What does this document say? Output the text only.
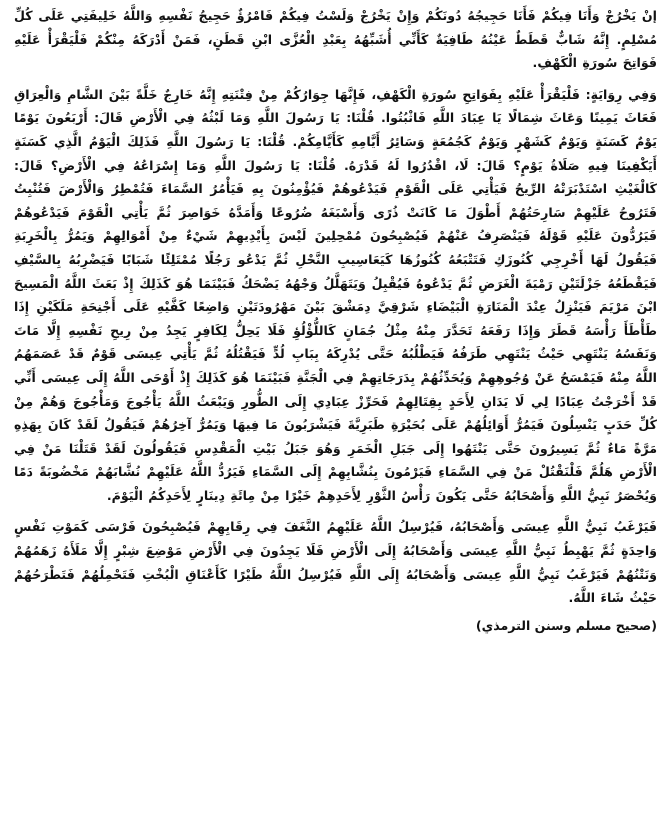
إنْ يَخْرُجْ وَأَنَا فِيكُمْ فَأَنَا حَجِيجُهُ دُونَكُمْ وَإِنْ يَخْرُجْ وَلَسْتُ فِيكُمْ فَامْرُؤٌ حَجِيجُ نَفْسِهِ وَاللَّهُ خَلِيفَتِي عَلَى كُلِّ مُسْلِمٍ. إِنَّهُ شَابٌّ قَطَطٌ عَيْنُهُ طَافِيَةٌ كَأَنِّي أُشَبِّهُهُ بِعَبْدِ الْعُزَّى ابْنِ قَطَنٍ، فَمَنْ أَدْرَكَهُ مِنْكُمْ فَلْيَقْرَأْ عَلَيْهِ فَوَاتِحَ سُورَةِ الْكَهْفِ.

وَفِي رِوَايَةٍ: فَلْيَقْرَأْ عَلَيْهِ بِفَوَاتِحِ سُورَةِ الْكَهْفِ، فَإِنَّهَا جِوَارُكُمْ مِنْ فِتْنَتِهِ إِنَّهُ خَارِجٌ خَلَّةً بَيْنَ الشَّامِ وَالْعِرَاقِ فَعَاثَ يَمِينًا وَعَاثَ شِمَالًا يَا عِبَادَ اللَّهِ فَاثْبُتُوا. قُلْنَا: يَا رَسُولَ اللَّهِ وَمَا لَبْثُهُ فِي الْأَرْضِ قَالَ: أَرْبَعُونَ يَوْمًا يَوْمٌ كَسَنَةٍ وَيَوْمٌ كَشَهْرٍ وَيَوْمٌ كَجُمُعَةٍ وَسَائِرُ أَيَّامِهِ كَأَيَّامِكُمْ. قُلْنَا: يَا رَسُولَ اللَّهِ فَذَلِكَ الْيَوْمُ الَّذِي كَسَنَةٍ أَيَكْفِينَا فِيهِ صَلَاةُ يَوْمٍ؟ قَالَ: لَا، اقْدُرُوا لَهُ قَدْرَهُ. قُلْنَا: يَا رَسُولَ اللَّهِ وَمَا إِسْرَاعُهُ فِي الْأَرْضِ؟ قَالَ: كَالْغَيْثِ اسْتَدْبَرَتْهُ الرِّيحُ فَيَأْتِي عَلَى الْقَوْمِ فَيَدْعُوهُمْ فَيُؤْمِنُونَ بِهِ فَيَأْمُرُ السَّمَاءَ فَتُمْطِرُ وَالْأَرْضَ فَتُنْبِتُ فَتَرُوحُ عَلَيْهِمْ سَارِحَتُهُمْ أَطْوَلَ مَا كَانَتْ ذُرًى وَأَسْبَغَهُ ضُرُوعًا وَأَمَدَّهُ خَوَاصِرَ ثُمَّ يَأْتِي الْقَوْمَ فَيَدْعُوهُمْ فَيَرُدُّونَ عَلَيْهِ قَوْلَهُ فَيَنْصَرِفُ عَنْهُمْ فَيُصْبِحُونَ مُمْحِلِينَ لَيْسَ بِأَيْدِيهِمْ شَيْءٌ مِنْ أَمْوَالِهِمْ وَيَمُرُّ بِالْخَرِبَةِ فَيَقُولُ لَهَا أَخْرِجِي كُنُوزَكِ فَتَتْبَعُهُ كُنُوزُهَا كَيَعَاسِيبِ النَّحْلِ ثُمَّ يَدْعُو رَجُلًا مُمْتَلِئًا شَبَابًا فَيَضْرِبُهُ بِالسَّيْفِ فَيَقْطَعُهُ جَزْلَتَيْنِ رَمْيَةَ الْغَرَضِ ثُمَّ يَدْعُوهُ فَيُقْبِلُ وَيَتَهَلَّلُ وَجْهُهُ يَضْحَكُ فَبَيْنَمَا هُوَ كَذَلِكَ إِذْ بَعَثَ اللَّهُ الْمَسِيحَ ابْنَ مَرْيَمَ فَيَنْزِلُ عِنْدَ الْمَنَارَةِ الْبَيْضَاءِ شَرْقِيَّ دِمَشْقَ بَيْنَ مَهْرُودَتَيْنِ وَاضِعًا كَفَّيْهِ عَلَى أَجْنِحَةِ مَلَكَيْنِ إِذَا طَأْطَأَ رَأْسَهُ قَطَرَ وَإِذَا رَفَعَهُ تَحَدَّرَ مِنْهُ مِثْلُ جُمَانٍ كَاللُّؤْلُؤِ فَلَا يَحِلُّ لِكَافِرٍ يَجِدُ مِنْ رِيحِ نَفْسِهِ إِلَّا مَاتَ وَنَفَسُهُ يَنْتَهِي حَيْثُ يَنْتَهِي طَرَفُهُ فَيَطْلُبُهُ حَتَّى يُدْرِكَهُ بِبَابِ لُدٍّ فَيَقْتُلُهُ ثُمَّ يَأْتِي عِيسَى قَوْمٌ قَدْ عَصَمَهُمُ اللَّهُ مِنْهُ فَيَمْسَحُ عَنْ وُجُوهِهِمْ وَيُحَدِّثُهُمْ بِدَرَجَاتِهِمْ فِي الْجَنَّةِ فَبَيْنَمَا هُوَ كَذَلِكَ إِذْ أَوْحَى اللَّهُ إِلَى عِيسَى أَنِّي قَدْ أَخْرَجْتُ عِبَادًا لِي لَا يَدَانِ لِأَحَدٍ بِقِتَالِهِمْ فَحَرِّزْ عِبَادِي إِلَى الطُّورِ وَيَبْعَثُ اللَّهُ يَأْجُوجَ وَمَأْجُوجَ وَهُمْ مِنْ كُلِّ حَدَبٍ يَنْسِلُونَ فَيَمُرُّ أَوَائِلُهُمْ عَلَى بُحَيْرَةِ طَبَرِيَّةَ فَيَشْرَبُونَ مَا فِيهَا وَيَمُرُّ آخِرُهُمْ فَيَقُولُ لَقَدْ كَانَ بِهَذِهِ مَرَّةً مَاءٌ ثُمَّ يَسِيرُونَ حَتَّى يَنْتَهُوا إِلَى جَبَلِ الْخَمَرِ وَهُوَ جَبَلُ بَيْتِ الْمَقْدِسِ فَيَقُولُونَ لَقَدْ قَتَلْنَا مَنْ فِي الْأَرْضِ هَلُمَّ فَلْنَقْتُلْ مَنْ فِي السَّمَاءِ فَيَرْمُونَ بِنُشَّابِهِمْ إِلَى السَّمَاءِ فَيَرُدُّ اللَّهُ عَلَيْهِمْ نُشَّابَهُمْ مَخْضُوبَةً دَمًا وَيُحْصَرُ نَبِيُّ اللَّهِ وَأَصْحَابُهُ حَتَّى يَكُونَ رَأْسُ الثَّوْرِ لِأَحَدِهِمْ خَيْرًا مِنْ مِائَةِ دِينَارٍ لِأَحَدِكُمُ الْيَوْمَ.

فَيَرْغَبُ نَبِيُّ اللَّهِ عِيسَى وَأَصْحَابُهُ، فَيُرْسِلُ اللَّهُ عَلَيْهِمُ النَّغَفَ فِي رِقَابِهِمْ فَيُصْبِحُونَ فَرْسَى كَمَوْتِ نَفْسٍ وَاحِدَةٍ ثُمَّ يَهْبِطُ نَبِيُّ اللَّهِ عِيسَى وَأَصْحَابُهُ إِلَى الْأَرْضِ فَلَا يَجِدُونَ فِي الْأَرْضِ مَوْضِعَ شِبْرٍ إِلَّا مَلَأَهُ زَهَمُهُمْ وَنَتْنُهُمْ فَيَرْغَبُ نَبِيُّ اللَّهِ عِيسَى وَأَصْحَابُهُ إِلَى اللَّهِ فَيُرْسِلُ اللَّهُ طَيْرًا كَأَعْنَاقِ الْبُخْتِ فَتَحْمِلُهُمْ فَتَطْرَحُهُمْ حَيْثُ شَاءَ اللَّهُ.

(صحيح مسلم وسنن الترمذي)
